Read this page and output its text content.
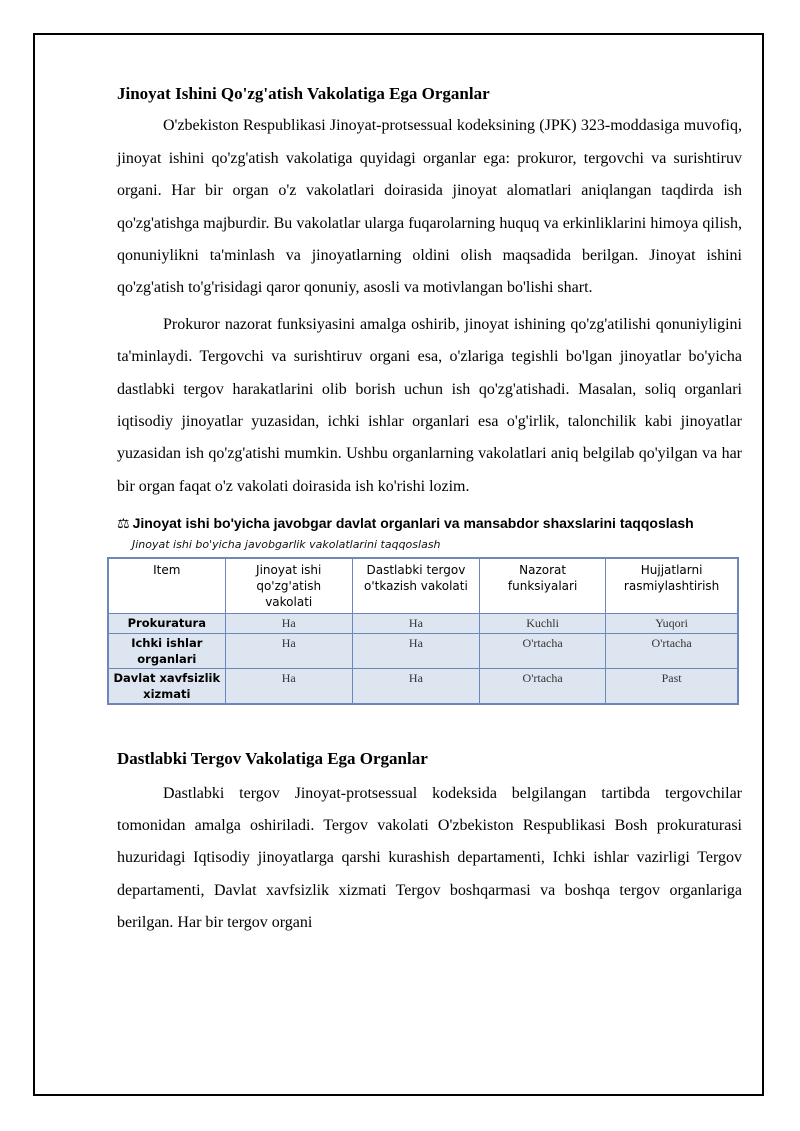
Jinoyat Ishini Qo'zg'atish Vakolatiga Ega Organlar

O'zbekiston Respublikasi Jinoyat-protsessual kodeksining (JPK) 323-moddasiga muvofiq, jinoyat ishini qo'zg'atish vakolatiga quyidagi organlar ega: prokuror, tergovchi va surishtiruv organi. Har bir organ o'z vakolatlari doirasida jinoyat alomatlari aniqlangan taqdirda ish qo'zg'atishga majburdir. Bu vakolatlar ularga fuqarolarning huquq va erkinliklarini himoya qilish, qonuniylikni ta'minlash va jinoyatlarning oldini olish maqsadida berilgan. Jinoyat ishini qo'zg'atish to'g'risidagi qaror qonuniy, asosli va motivlangan bo'lishi shart.

Prokuror nazorat funksiyasini amalga oshirib, jinoyat ishining qo'zg'atilishi qonuniyligini ta'minlaydi. Tergovchi va surishtiruv organi esa, o'zlariga tegishli bo'lgan jinoyatlar bo'yicha dastlabki tergov harakatlarini olib borish uchun ish qo'zg'atishadi. Masalan, soliq organlari iqtisodiy jinoyatlar yuzasidan, ichki ishlar organlari esa o'g'irlik, talonchilik kabi jinoyatlar yuzasidan ish qo'zg'atishi mumkin. Ushbu organlarning vakolatlari aniq belgilab qo'yilgan va har bir organ faqat o'z vakolati doirasida ish ko'rishi lozim.

⚖ Jinoyat ishi bo'yicha javobgar davlat organlari va mansabdor shaxslarini taqqoslash

Jinoyat ishi bo'yicha javobgarlik vakolatlarini taqqoslash

Item	Jinoyat ishi qo'zg'atish vakolati	Dastlabki tergov o'tkazish vakolati	Nazorat funksiyalari	Hujjatlarni rasmiylashtirish
Prokuratura	Ha	Ha	Kuchli	Yuqori
Ichki ishlar organlari	Ha	Ha	O'rtacha	O'rtacha
Davlat xavfsizlik xizmati	Ha	Ha	O'rtacha	Past
Dastlabki Tergov Vakolatiga Ega Organlar

Dastlabki tergov Jinoyat-protsessual kodeksida belgilangan tartibda tergovchilar tomonidan amalga oshiriladi. Tergov vakolati O'zbekiston Respublikasi Bosh prokuraturasi huzuridagi Iqtisodiy jinoyatlarga qarshi kurashish departamenti, Ichki ishlar vazirligi Tergov departamenti, Davlat xavfsizlik xizmati Tergov boshqarmasi va boshqa tergov organlariga berilgan. Har bir tergov organi
